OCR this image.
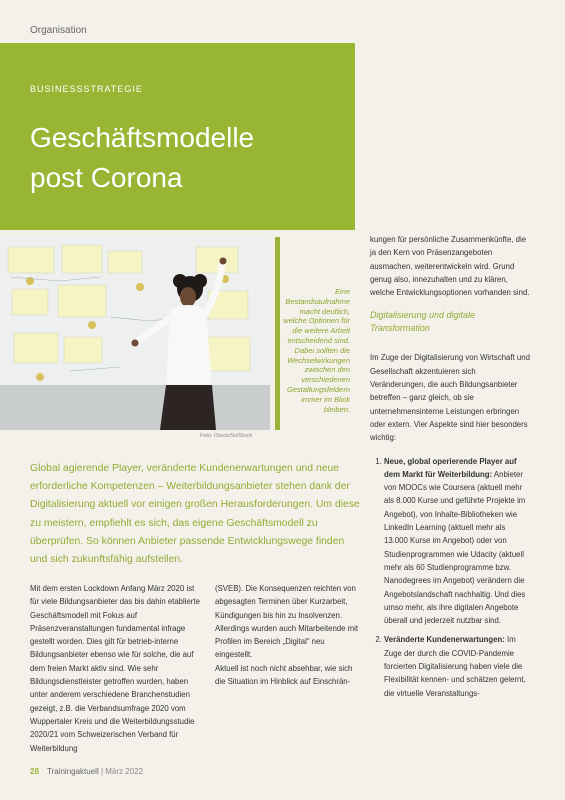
Organisation
BUSINESSSTRATEGIE
Geschäftsmodelle
post Corona
Eine Bestandsaufnahme macht deutlich, welche Optionen für die weitere Arbeit entscheidend sind. Dabei sollten die Wechselwirkungen zwischen den verschiedenen Gestaltungsfeldern immer im Blick bleiben.
Foto: iStock/SolStock
Global agierende Player, veränderte Kundenerwartungen und neue erforderliche Kompetenzen – Weiterbildungsanbieter stehen dank der Digitalisierung aktuell vor einigen großen Herausforderungen. Um diese zu meistern, empfiehlt es sich, das eigene Geschäftsmodell zu überprüfen. So können Anbieter passende Entwicklungswege finden und sich zukunftsfähig aufstellen.

Mit dem ersten Lockdown Anfang März 2020 ist für viele Bildungsanbieter das bis dahin etablierte Geschäftsmodell mit Fokus auf Präsenzveranstaltungen fundamental infrage gestellt worden. Dies gilt für betrieb-interne Bildungsanbieter ebenso wie für solche, die auf dem freien Markt aktiv sind. Wie sehr Bildungsdienstleister getroffen wurden, haben unter anderem verschiedene Branchenstudien gezeigt, z.B. die Verbandsumfrage 2020 vom Wuppertaler Kreis und die Weiterbildungsstudie 2020/21 vom Schweizerischen Verband für Weiterbildung

(SVEB). Die Konsequenzen reichten von abgesagten Terminen über Kurzarbeit, Kündigungen bis hin zu Insolvenzen. Allerdings wurden auch Mitarbeitende mit Profilen im Bereich „Digital“ neu eingestellt.

Aktuell ist noch nicht absehbar, wie sich die Situation im Hinblick auf Einschrän-

kungen für persönliche Zusammenkünfte, die ja den Kern von Präsenzangeboten ausmachen, weiterentwickeln wird. Grund genug also, innezuhalten und zu klären, welche Entwicklungsoptionen vorhanden sind.

Digitalisierung und digitale Transformation

Im Zuge der Digitalisierung von Wirtschaft und Gesellschaft akzentuieren sich Veränderungen, die auch Bildungsanbieter betreffen – ganz gleich, ob sie unternehmensinterne Leistungen erbringen oder extern. Vier Aspekte sind hier besonders wichtig:

1. Neue, global operierende Player auf dem Markt für Weiterbildung: Anbieter von MOOCs wie Coursera (aktuell mehr als 8.000 Kurse und geführte Projekte im Angebot), von Inhalte-Bibliotheken wie LinkedIn Learning (aktuell mehr als 13.000 Kurse im Angebot) oder von Studienprogrammen wie Udacity (aktuell mehr als 60 Studienprogramme bzw. Nanodegrees im Angebot) verändern die Angebotslandschaft nachhaltig. Und dies umso mehr, als ihre digitalen Angebote überall und jederzeit nutzbar sind.
2. Veränderte Kundenerwartungen: Im Zuge der durch die COVID-Pandemie forcierten Digitalisierung haben viele die Flexibilität kennen- und schätzen gelernt, die virtuelle Veranstaltungs-
28 Trainingaktuell | März 2022
